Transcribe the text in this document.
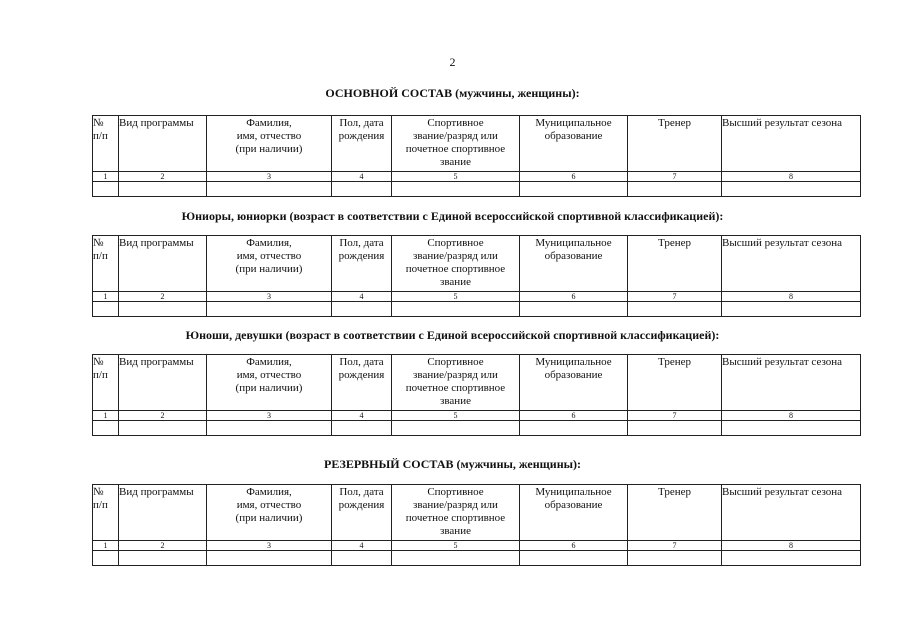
2
ОСНОВНОЙ СОСТАВ (мужчины, женщины):
№
п/п	Вид программы	Фамилия,
имя, отчество
(при наличии)	Пол, дата
рождения	Спортивное
звание/разряд или
почетное спортивное
звание	Муниципальное
образование	Тренер	Высший результат сезона
1	2	3	4	5	6	7	8

Юниоры, юниорки (возраст в соответствии с Единой всероссийской спортивной классификацией):
№
п/п	Вид программы	Фамилия,
имя, отчество
(при наличии)	Пол, дата
рождения	Спортивное
звание/разряд или
почетное спортивное
звание	Муниципальное
образование	Тренер	Высший результат сезона
1	2	3	4	5	6	7	8

Юноши, девушки (возраст в соответствии с Единой всероссийской спортивной классификацией):
№
п/п	Вид программы	Фамилия,
имя, отчество
(при наличии)	Пол, дата
рождения	Спортивное
звание/разряд или
почетное спортивное
звание	Муниципальное
образование	Тренер	Высший результат сезона
1	2	3	4	5	6	7	8

РЕЗЕРВНЫЙ СОСТАВ (мужчины, женщины):
№
п/п	Вид программы	Фамилия,
имя, отчество
(при наличии)	Пол, дата
рождения	Спортивное
звание/разряд или
почетное спортивное
звание	Муниципальное
образование	Тренер	Высший результат сезона
1	2	3	4	5	6	7	8
